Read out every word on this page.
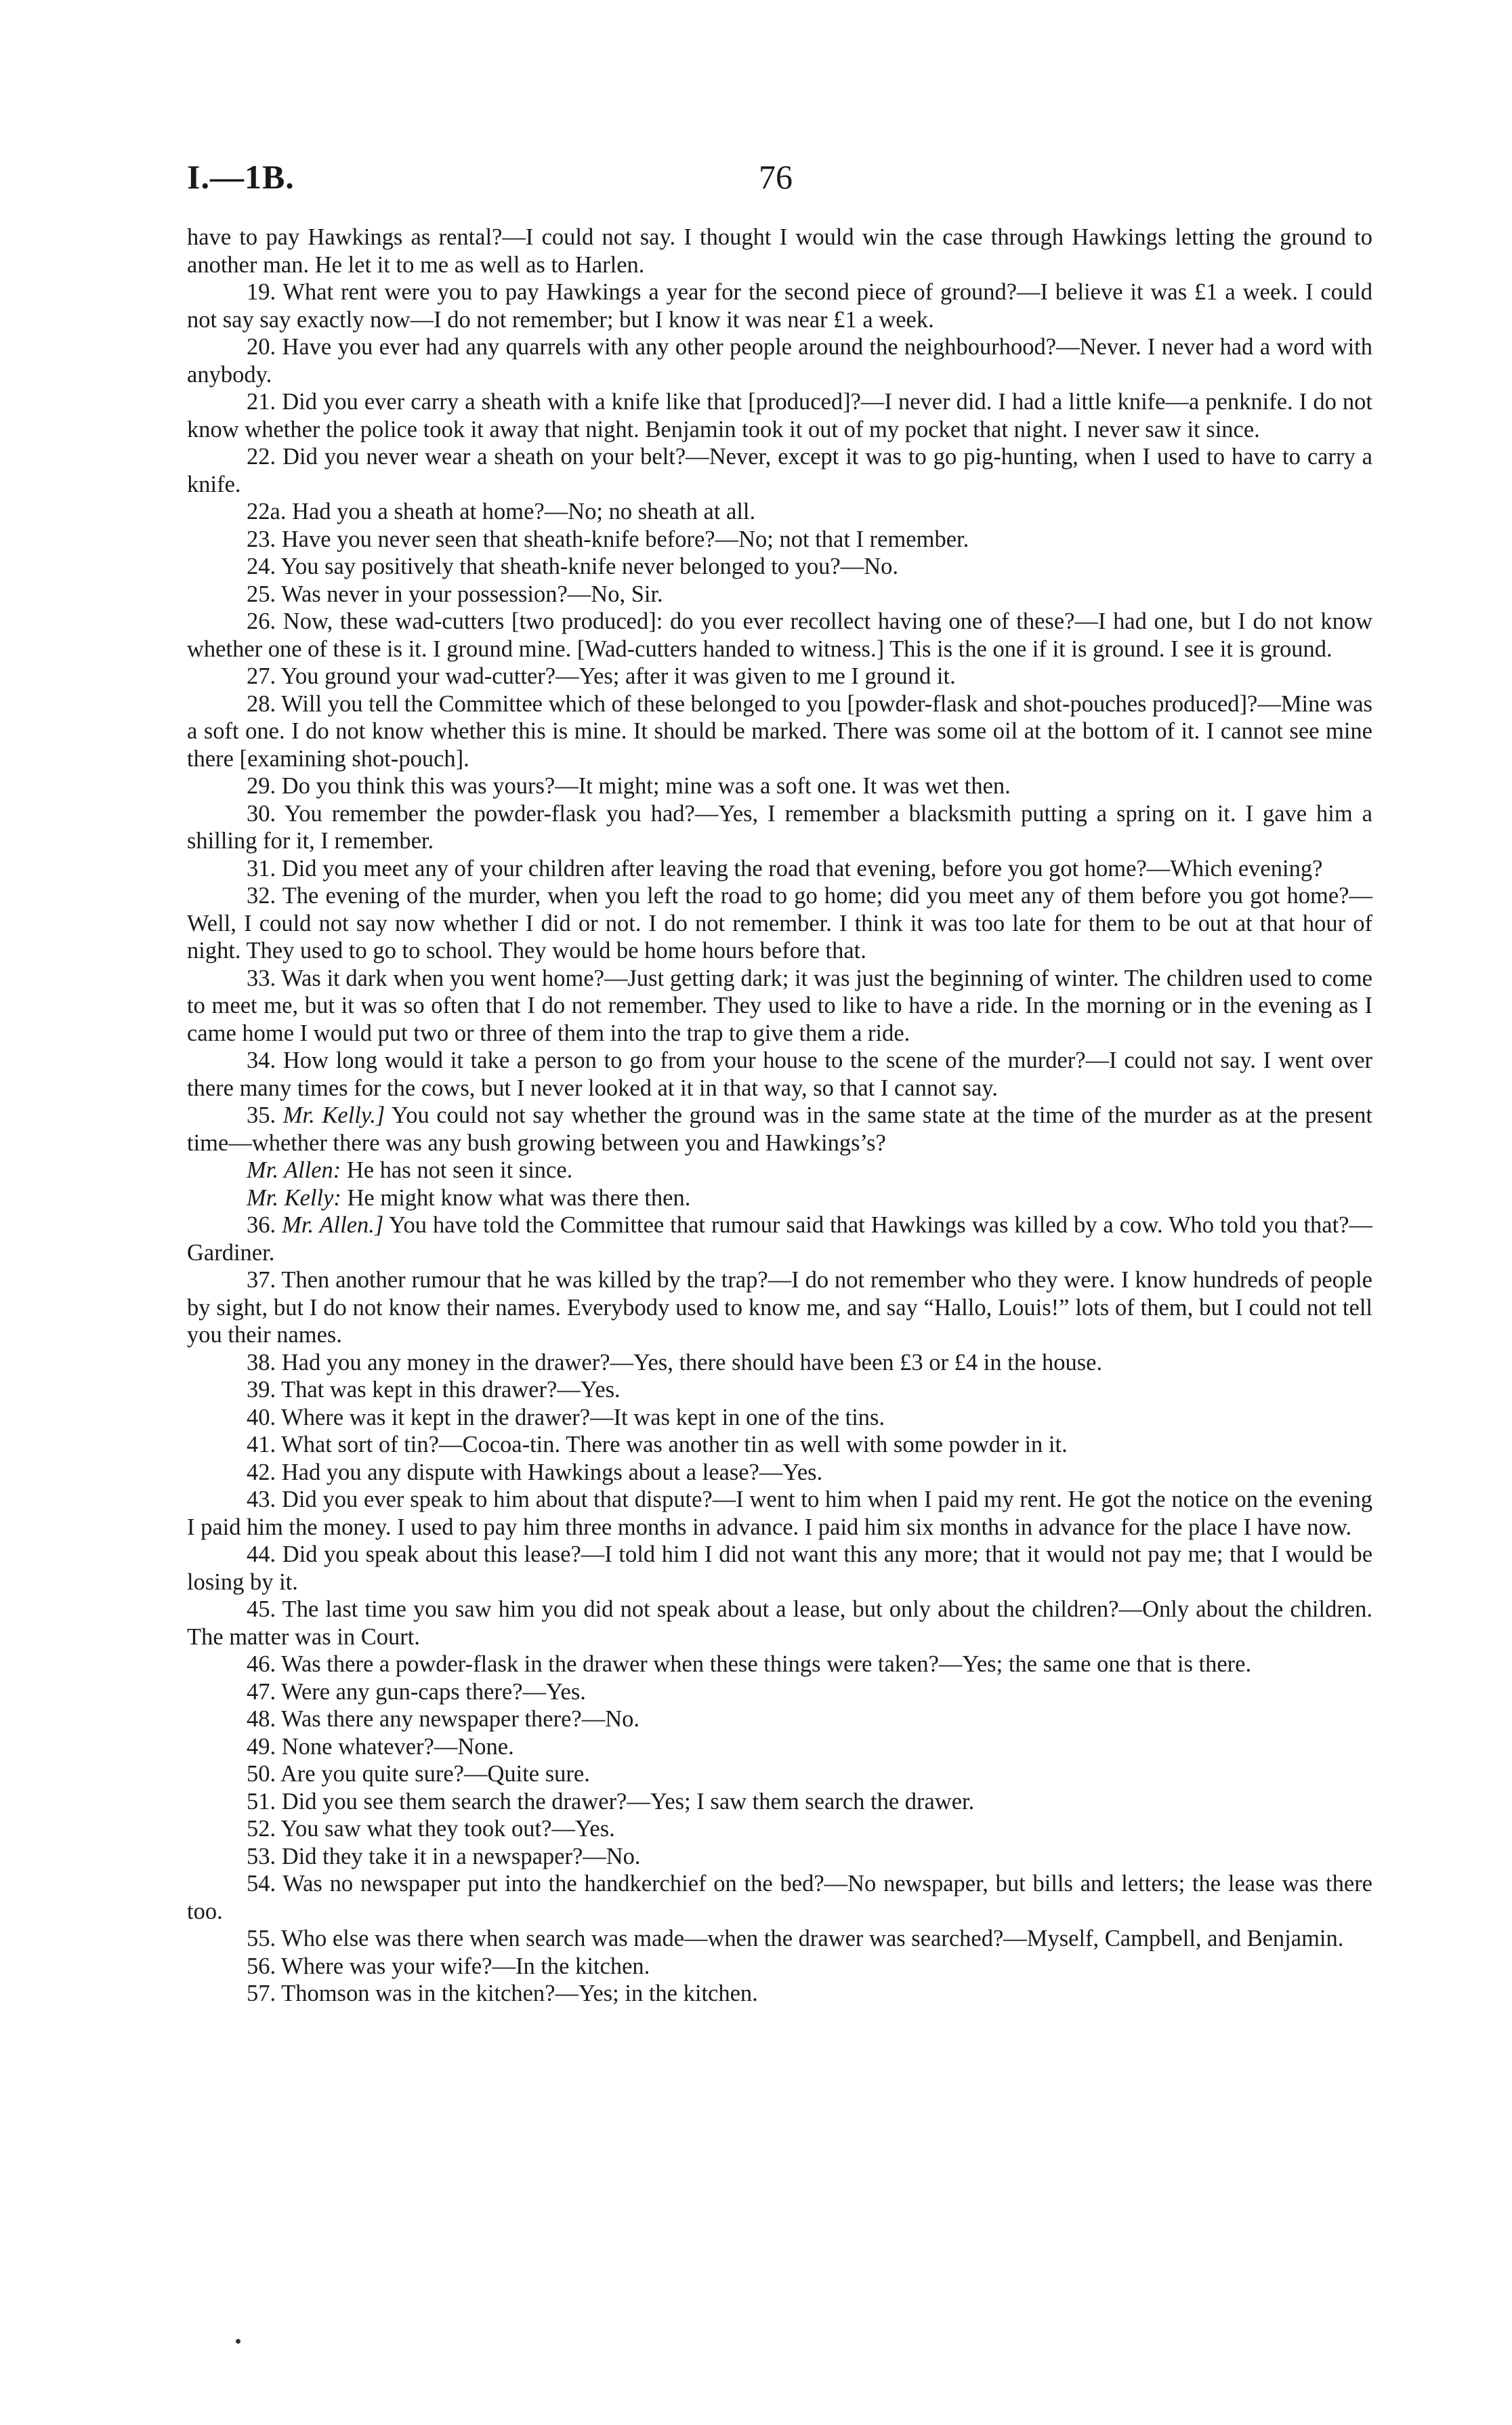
I.—1B.	76

have to pay Hawkings as rental?—I could not say. I thought I would win the case through Hawkings letting the ground to another man. He let it to me as well as to Harlen.

19. What rent were you to pay Hawkings a year for the second piece of ground?—I believe it was £1 a week. I could not say say exactly now—I do not remember; but I know it was near £1 a week.

20. Have you ever had any quarrels with any other people around the neighbourhood?—Never. I never had a word with anybody.

21. Did you ever carry a sheath with a knife like that [produced]?—I never did. I had a little knife—a penknife. I do not know whether the police took it away that night. Benjamin took it out of my pocket that night. I never saw it since.

22. Did you never wear a sheath on your belt?—Never, except it was to go pig-hunting, when I used to have to carry a knife.

22a. Had you a sheath at home?—No; no sheath at all.

23. Have you never seen that sheath-knife before?—No; not that I remember.

24. You say positively that sheath-knife never belonged to you?—No.

25. Was never in your possession?—No, Sir.

26. Now, these wad-cutters [two produced]: do you ever recollect having one of these?—I had one, but I do not know whether one of these is it. I ground mine. [Wad-cutters handed to witness.] This is the one if it is ground. I see it is ground.

27. You ground your wad-cutter?—Yes; after it was given to me I ground it.

28. Will you tell the Committee which of these belonged to you [powder-flask and shot-pouches produced]?—Mine was a soft one. I do not know whether this is mine. It should be marked. There was some oil at the bottom of it. I cannot see mine there [examining shot-pouch].

29. Do you think this was yours?—It might; mine was a soft one. It was wet then.

30. You remember the powder-flask you had?—Yes, I remember a blacksmith putting a spring on it. I gave him a shilling for it, I remember.

31. Did you meet any of your children after leaving the road that evening, before you got home?—Which evening?

32. The evening of the murder, when you left the road to go home; did you meet any of them before you got home?—Well, I could not say now whether I did or not. I do not remember. I think it was too late for them to be out at that hour of night. They used to go to school. They would be home hours before that.

33. Was it dark when you went home?—Just getting dark; it was just the beginning of winter. The children used to come to meet me, but it was so often that I do not remember. They used to like to have a ride. In the morning or in the evening as I came home I would put two or three of them into the trap to give them a ride.

34. How long would it take a person to go from your house to the scene of the murder?—I could not say. I went over there many times for the cows, but I never looked at it in that way, so that I cannot say.

35. Mr. Kelly.] You could not say whether the ground was in the same state at the time of the murder as at the present time—whether there was any bush growing between you and Hawkings’s?

Mr. Allen: He has not seen it since.

Mr. Kelly: He might know what was there then.

36. Mr. Allen.] You have told the Committee that rumour said that Hawkings was killed by a cow. Who told you that?—Gardiner.

37. Then another rumour that he was killed by the trap?—I do not remember who they were. I know hundreds of people by sight, but I do not know their names. Everybody used to know me, and say “Hallo, Louis!” lots of them, but I could not tell you their names.

38. Had you any money in the drawer?—Yes, there should have been £3 or £4 in the house.

39. That was kept in this drawer?—Yes.

40. Where was it kept in the drawer?—It was kept in one of the tins.

41. What sort of tin?—Cocoa-tin. There was another tin as well with some powder in it.

42. Had you any dispute with Hawkings about a lease?—Yes.

43. Did you ever speak to him about that dispute?—I went to him when I paid my rent. He got the notice on the evening I paid him the money. I used to pay him three months in advance. I paid him six months in advance for the place I have now.

44. Did you speak about this lease?—I told him I did not want this any more; that it would not pay me; that I would be losing by it.

45. The last time you saw him you did not speak about a lease, but only about the children?—Only about the children. The matter was in Court.

46. Was there a powder-flask in the drawer when these things were taken?—Yes; the same one that is there.

47. Were any gun-caps there?—Yes.

48. Was there any newspaper there?—No.

49. None whatever?—None.

50. Are you quite sure?—Quite sure.

51. Did you see them search the drawer?—Yes; I saw them search the drawer.

52. You saw what they took out?—Yes.

53. Did they take it in a newspaper?—No.

54. Was no newspaper put into the handkerchief on the bed?—No newspaper, but bills and letters; the lease was there too.

55. Who else was there when search was made—when the drawer was searched?—Myself, Campbell, and Benjamin.

56. Where was your wife?—In the kitchen.

57. Thomson was in the kitchen?—Yes; in the kitchen.
